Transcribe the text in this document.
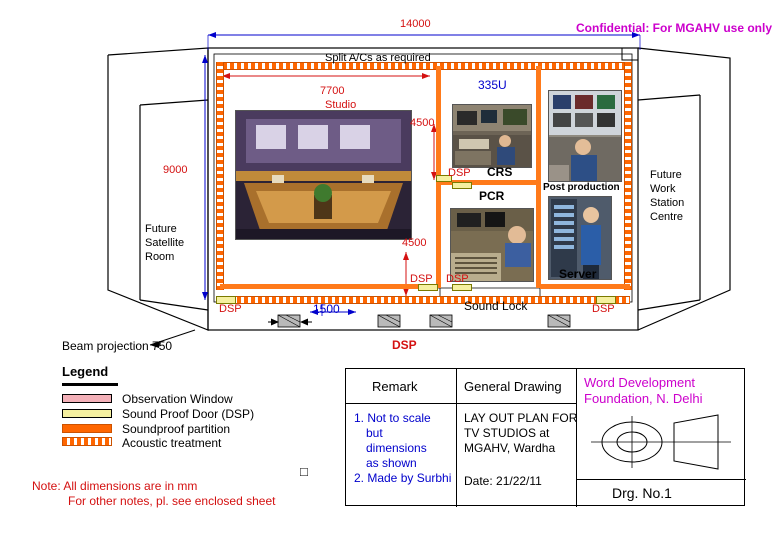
Confidential: For MGAHV use only
14000
9000
7700
Studio
4500
4500
1500
335U
Split A/Cs as required
CRS
PCR
Post production
Server
Sound Lock
Future
Satellite
Room
Future
Work
Station
Centre
DSP
DSP DSP
DSP	DSP
DSP
Beam projection 750
Legend
Observation Window
Sound Proof Door (DSP)
Soundproof partition
Acoustic treatment
Note: All dimensions are in mm
For other notes, pl. see enclosed sheet
□
Remark	General Drawing
1. Not to scale
but
dimensions
as shown
2. Made by Surbhi
LAY OUT PLAN FOR
TV STUDIOS at
MGAHV, Wardha
Date: 21/22/11
Word Development
Foundation, N. Delhi
Drg. No.1
